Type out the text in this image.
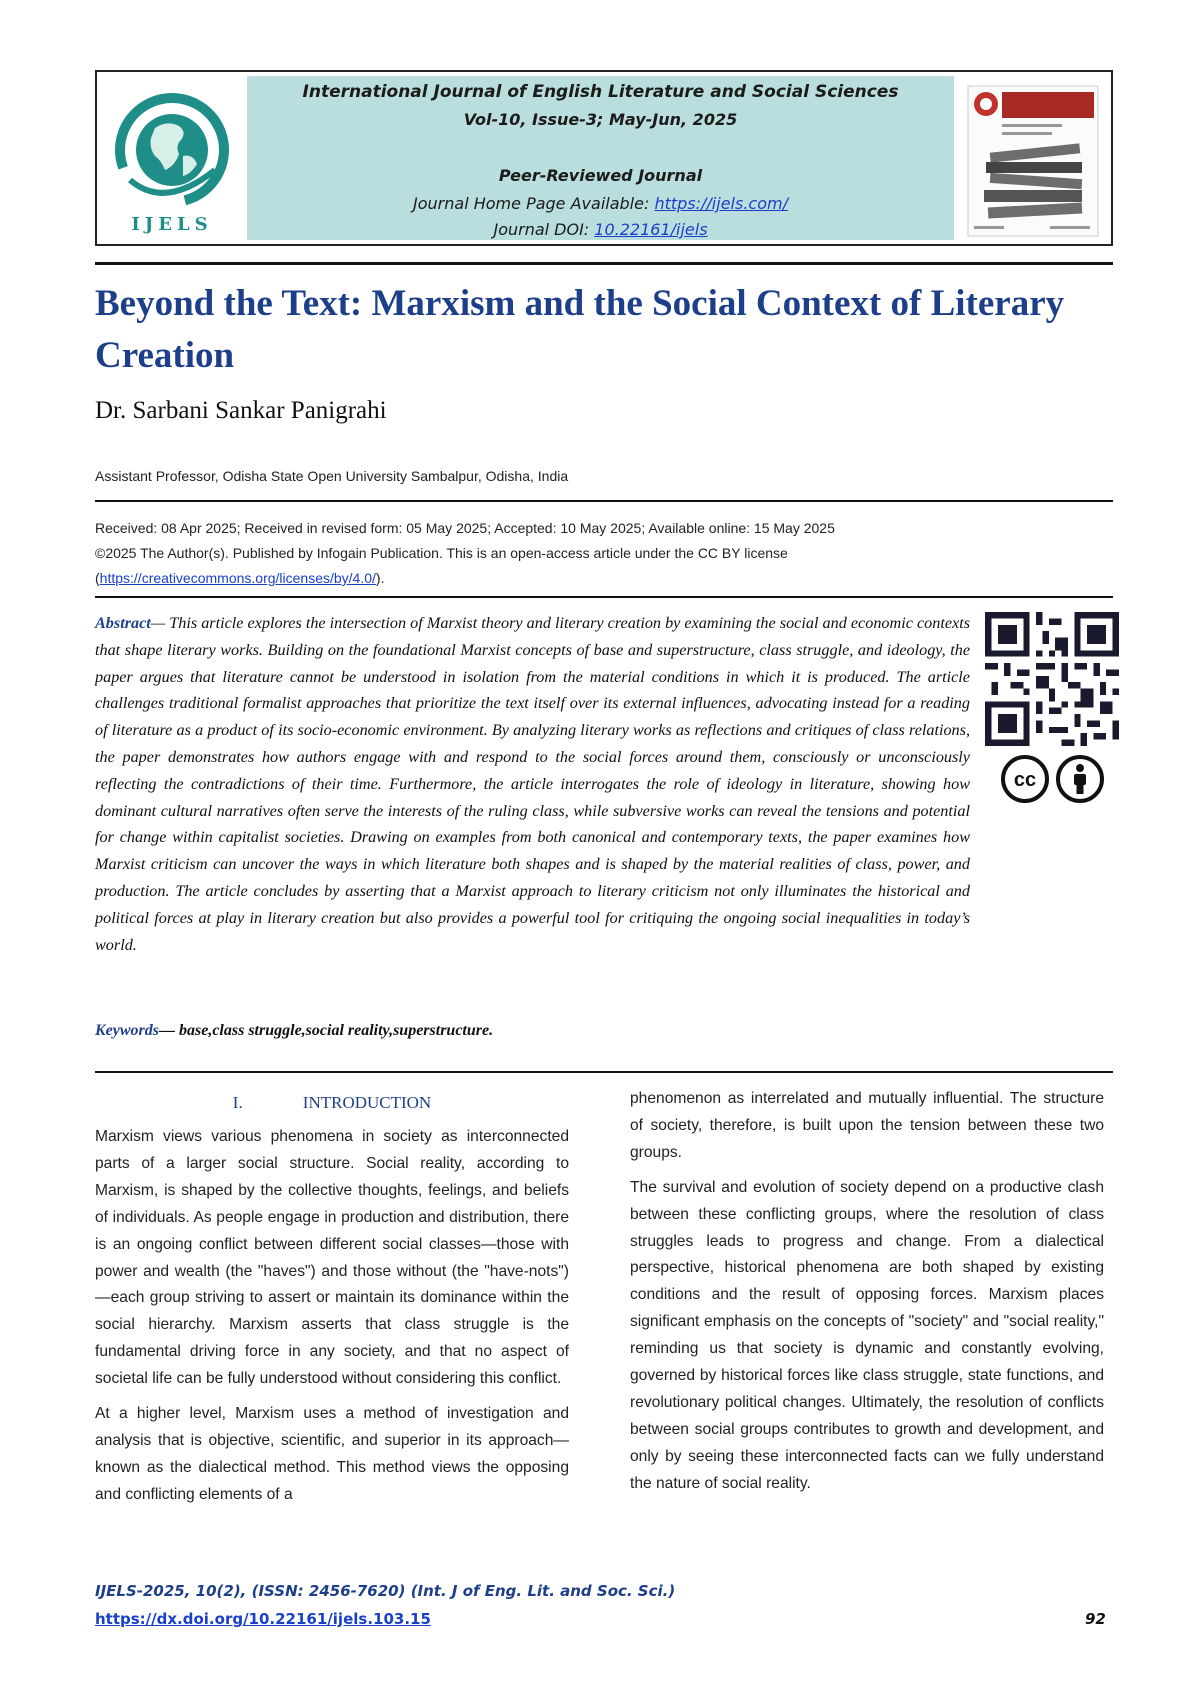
IJELS
International Journal of English Literature and Social Sciences
Vol-10, Issue-3; May-Jun, 2025
Peer-Reviewed Journal
Journal Home Page Available: https://ijels.com/
Journal DOI: 10.22161/ijels
Beyond the Text: Marxism and the Social Context of Literary Creation
Dr. Sarbani Sankar Panigrahi
Assistant Professor, Odisha State Open University Sambalpur, Odisha, India
Received: 08 Apr 2025; Received in revised form: 05 May 2025; Accepted: 10 May 2025; Available online: 15 May 2025
©2025 The Author(s). Published by Infogain Publication. This is an open-access article under the CC BY license
(https://creativecommons.org/licenses/by/4.0/).
Abstract— This article explores the intersection of Marxist theory and literary creation by examining the social and economic contexts that shape literary works. Building on the foundational Marxist concepts of base and superstructure, class struggle, and ideology, the paper argues that literature cannot be understood in isolation from the material conditions in which it is produced. The article challenges traditional formalist approaches that prioritize the text itself over its external influences, advocating instead for a reading of literature as a product of its socio-economic environment. By analyzing literary works as reflections and critiques of class relations, the paper demonstrates how authors engage with and respond to the social forces around them, consciously or unconsciously reflecting the contradictions of their time. Furthermore, the article interrogates the role of ideology in literature, showing how dominant cultural narratives often serve the interests of the ruling class, while subversive works can reveal the tensions and potential for change within capitalist societies. Drawing on examples from both canonical and contemporary texts, the paper examines how Marxist criticism can uncover the ways in which literature both shapes and is shaped by the material realities of class, power, and production. The article concludes by asserting that a Marxist approach to literary criticism not only illuminates the historical and political forces at play in literary creation but also provides a powerful tool for critiquing the ongoing social inequalities in today’s world.
cc
Keywords— base,class struggle,social reality,superstructure.
I.	INTRODUCTION

Marxism views various phenomena in society as interconnected parts of a larger social structure. Social reality, according to Marxism, is shaped by the collective thoughts, feelings, and beliefs of individuals. As people engage in production and distribution, there is an ongoing conflict between different social classes—those with power and wealth (the "haves") and those without (the "have-nots")—each group striving to assert or maintain its dominance within the social hierarchy. Marxism asserts that class struggle is the fundamental driving force in any society, and that no aspect of societal life can be fully understood without considering this conflict.

At a higher level, Marxism uses a method of investigation and analysis that is objective, scientific, and superior in its approach—known as the dialectical method. This method views the opposing and conflicting elements of a

phenomenon as interrelated and mutually influential. The structure of society, therefore, is built upon the tension between these two groups.

The survival and evolution of society depend on a productive clash between these conflicting groups, where the resolution of class struggles leads to progress and change. From a dialectical perspective, historical phenomena are both shaped by existing conditions and the result of opposing forces. Marxism places significant emphasis on the concepts of "society" and "social reality," reminding us that society is dynamic and constantly evolving, governed by historical forces like class struggle, state functions, and revolutionary political changes. Ultimately, the resolution of conflicts between social groups contributes to growth and development, and only by seeing these interconnected facts can we fully understand the nature of social reality.

IJELS-2025, 10(2), (ISSN: 2456-7620) (Int. J of Eng. Lit. and Soc. Sci.)
https://dx.doi.org/10.22161/ijels.103.15	92
